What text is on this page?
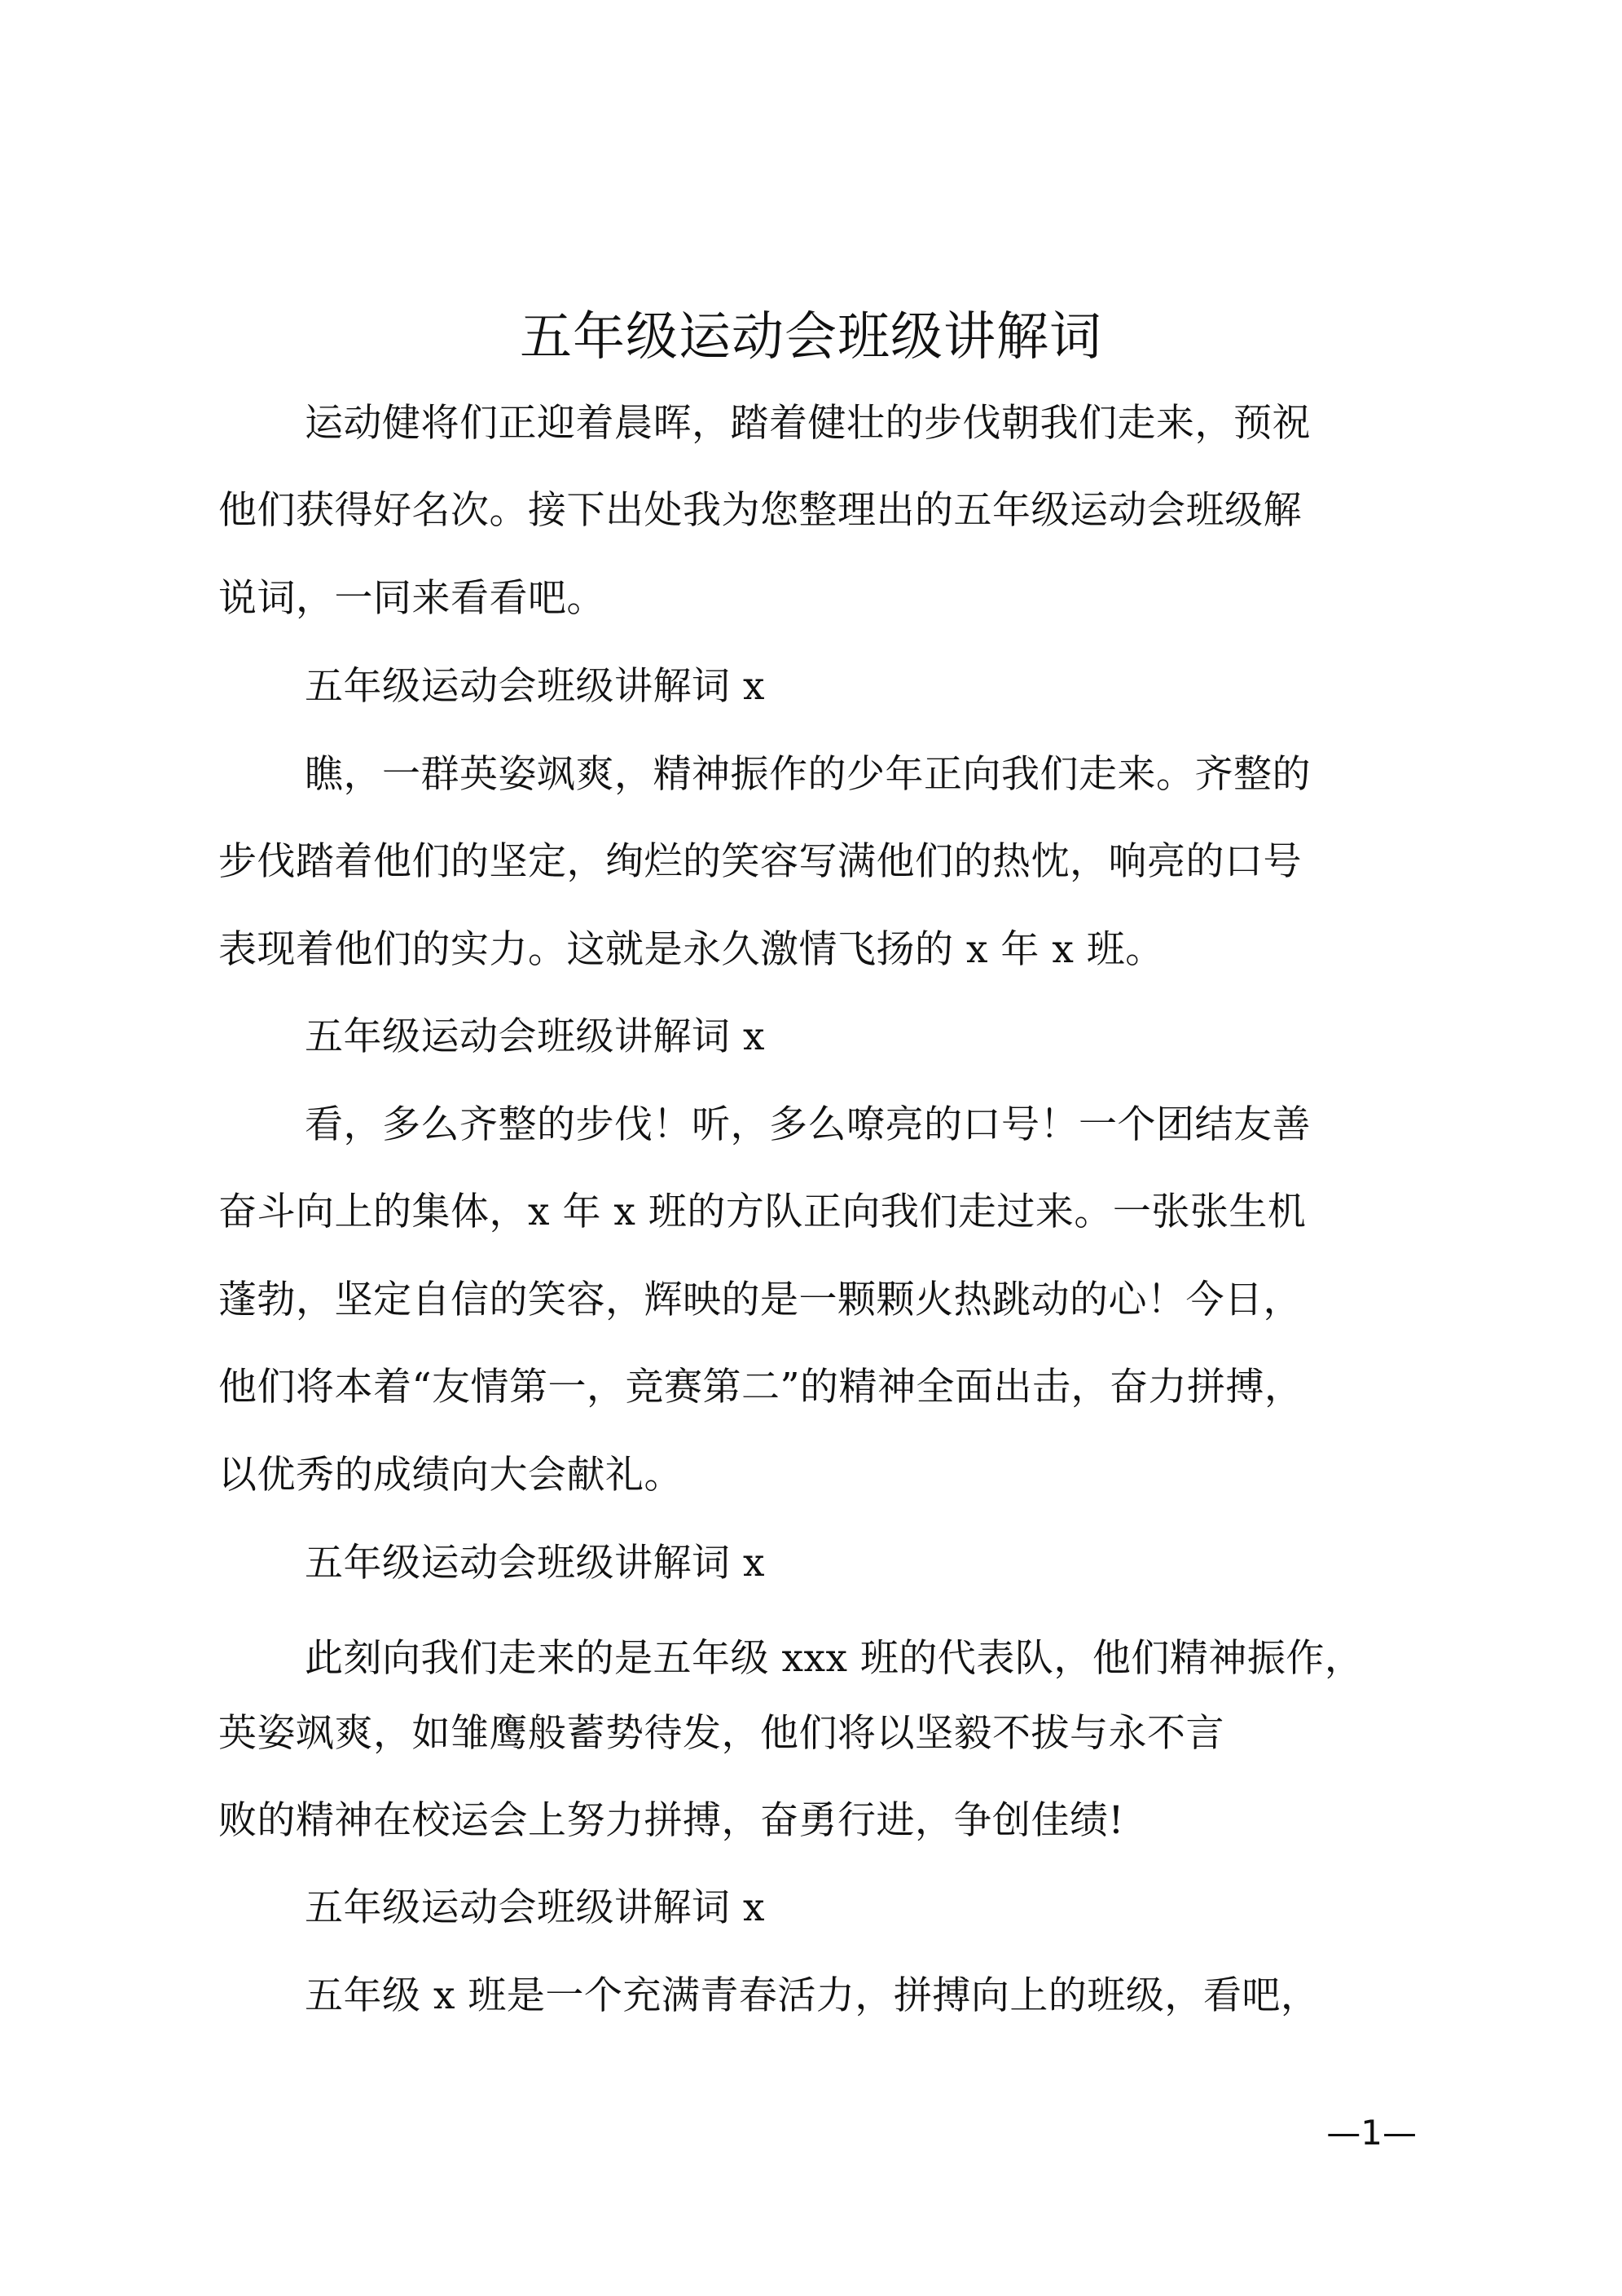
五年级运动会班级讲解词
运动健将们正迎着晨晖，踏着健壮的步伐朝我们走来，预祝
他们获得好名次。接下出处我为您整理出的五年级运动会班级解
说词，一同来看看吧。
五年级运动会班级讲解词 x
瞧，一群英姿飒爽，精神振作的少年正向我们走来。齐整的
步伐踏着他们的坚定，绚烂的笑容写满他们的热忱，响亮的口号
表现着他们的实力。这就是永久激情飞扬的 x 年 x 班。
五年级运动会班级讲解词 x
看，多么齐整的步伐！听，多么嘹亮的口号！一个团结友善
奋斗向上的集体，x 年 x 班的方队正向我们走过来。一张张生机
蓬勃，坚定自信的笑容，辉映的是一颗颗火热跳动的心！今日，
他们将本着“友情第一，竞赛第二”的精神全面出击，奋力拼搏，
以优秀的成绩向大会献礼。
五年级运动会班级讲解词 x
此刻向我们走来的是五年级 xxx 班的代表队，他们精神振作，
英姿飒爽，如雏鹰般蓄势待发，他们将以坚毅不拔与永不言
败的精神在校运会上努力拼搏，奋勇行进，争创佳绩!
五年级运动会班级讲解词 x
五年级 x 班是一个充满青春活力，拼搏向上的班级，看吧，
—1—
